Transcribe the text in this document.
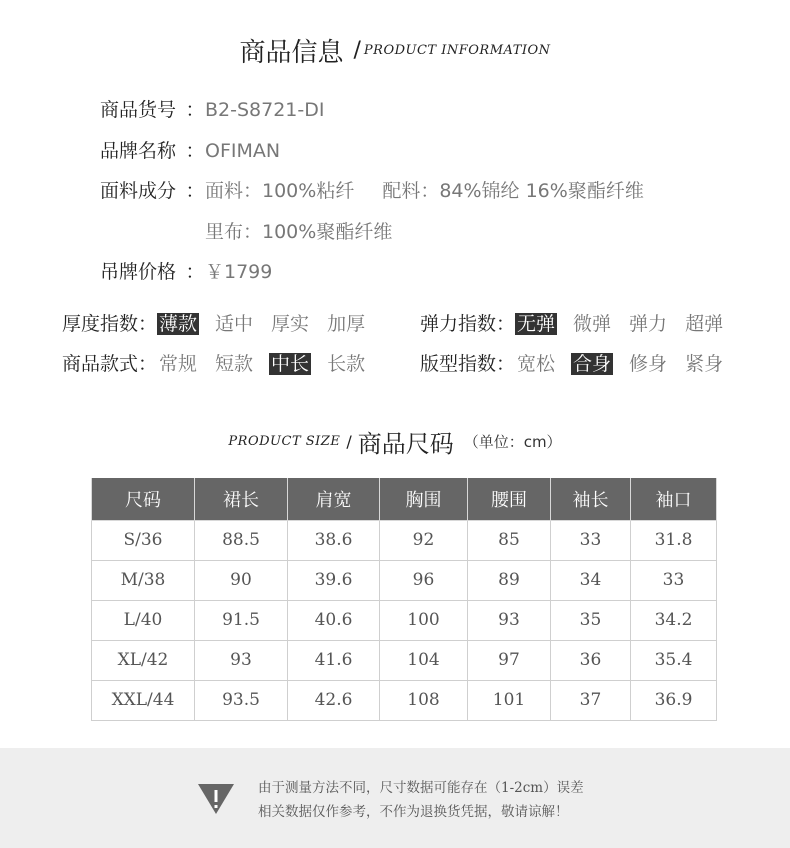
商品信息 / PRODUCT INFORMATION
商品货号 ：B2-S8721-DI
品牌名称 ：OFIMAN
面料成分 ：面料：100%粘纤 配料：84%锦纶 16%聚酯纤维
里布：100%聚酯纤维
吊牌价格 ：￥1799
厚度指数： 薄款 适中 厚实 加厚	弹力指数： 无弹 微弹 弹力 超弹
商品款式： 常规 短款 中长 长款	版型指数： 宽松 合身 修身 紧身
PRODUCT SIZE / 商品尺码 （单位：cm）
尺码	裙长	肩宽	胸围	腰围	袖长	袖口
S/36	88.5	38.6	92	85	33	31.8
M/38	90	39.6	96	89	34	33
L/40	91.5	40.6	100	93	35	34.2
XL/42	93	41.6	104	97	36	35.4
XXL/44	93.5	42.6	108	101	37	36.9
由于测量方法不同，尺寸数据可能存在（1-2cm）误差
相关数据仅作参考，不作为退换货凭据，敬请谅解！
